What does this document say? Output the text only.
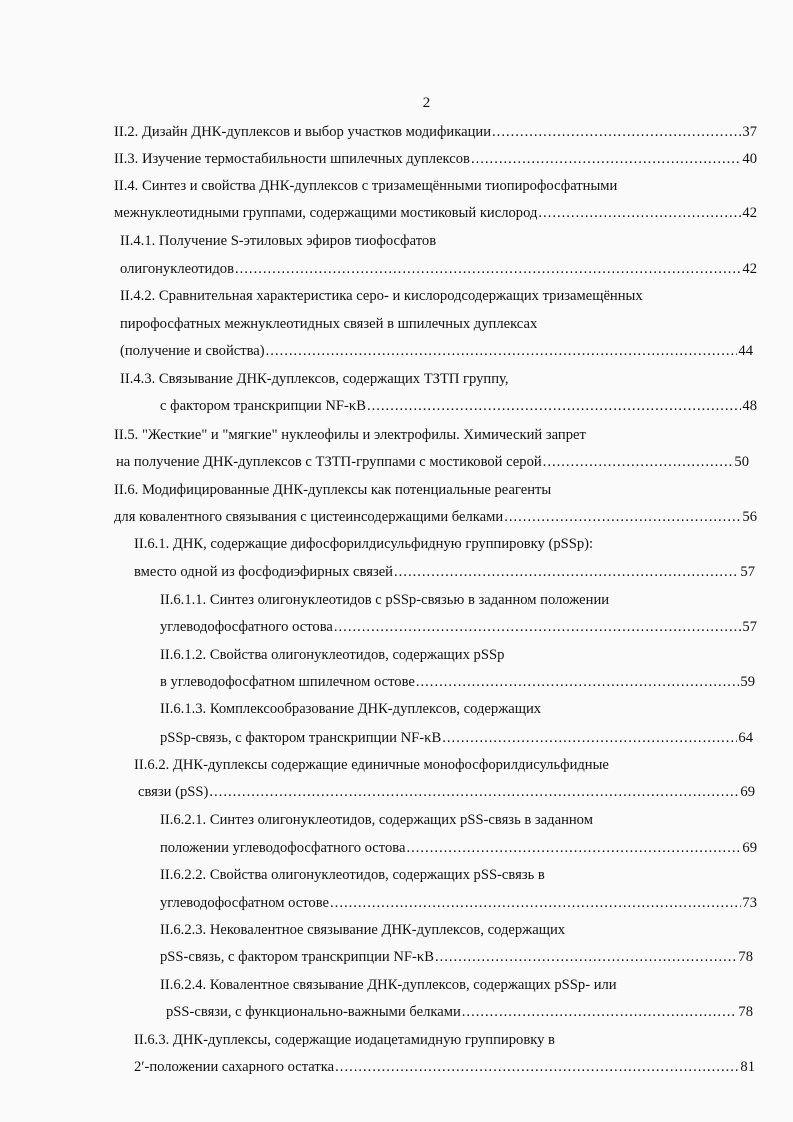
2
II.2. Дизайн ДНК-дуплексов и выбор участков модификации .....	37
II.3. Изучение термостабильности шпилечных дуплексов .....	40
II.4. Синтез и свойства ДНК-дуплексов с тризамещёнными тиопирофосфатными
межнуклеотидными группами, содержащими мостиковый кислород .....	42
II.4.1. Получение S-этиловых эфиров тиофосфатов
олигонуклеотидов .....	42
II.4.2. Сравнительная характеристика серо- и кислородсодержащих тризамещённых
пирофосфатных межнуклеотидных связей в шпилечных дуплексах
(получение и свойства) .....	44
II.4.3. Связывание ДНК-дуплексов, содержащих ТЗТП группу,
с фактором транскрипции NF-κB .....	48
II.5. "Жесткие" и "мягкие" нуклеофилы и электрофилы. Химический запрет
на получение ДНК-дуплексов с ТЗТП-группами с мостиковой серой .....	50
II.6. Модифицированные ДНК-дуплексы как потенциальные реагенты
для ковалентного связывания с цистеинсодержащими белками .....	56
II.6.1. ДНК, содержащие дифосфорилдисульфидную группировку (pSSp):
вместо одной из фосфодиэфирных связей .....	57
II.6.1.1. Синтез олигонуклеотидов с pSSp-связью в заданном положении
углеводофосфатного остова .....	57
II.6.1.2. Свойства олигонуклеотидов, содержащих pSSp
в углеводофосфатном шпилечном остове .....	59
II.6.1.3. Комплексообразование ДНК-дуплексов, содержащих
pSSp-связь, с фактором транскрипции NF-κB .....	64
II.6.2. ДНК-дуплексы содержащие единичные монофосфорилдисульфидные
связи (pSS) .....	69
II.6.2.1. Синтез олигонуклеотидов, содержащих pSS-связь в заданном
положении углеводофосфатного остова .....	69
II.6.2.2. Свойства олигонуклеотидов, содержащих pSS-связь в
углеводофосфатном остове .....	73
II.6.2.3. Нековалентное связывание ДНК-дуплексов, содержащих
pSS-связь, с фактором транскрипции NF-κB .....	78
II.6.2.4. Ковалентное связывание ДНК-дуплексов, содержащих pSSp- или
pSS-связи, с функционально-важными белками .....	78
II.6.3. ДНК-дуплексы, содержащие иодацетамидную группировку в
2′-положении сахарного остатка .....	81
